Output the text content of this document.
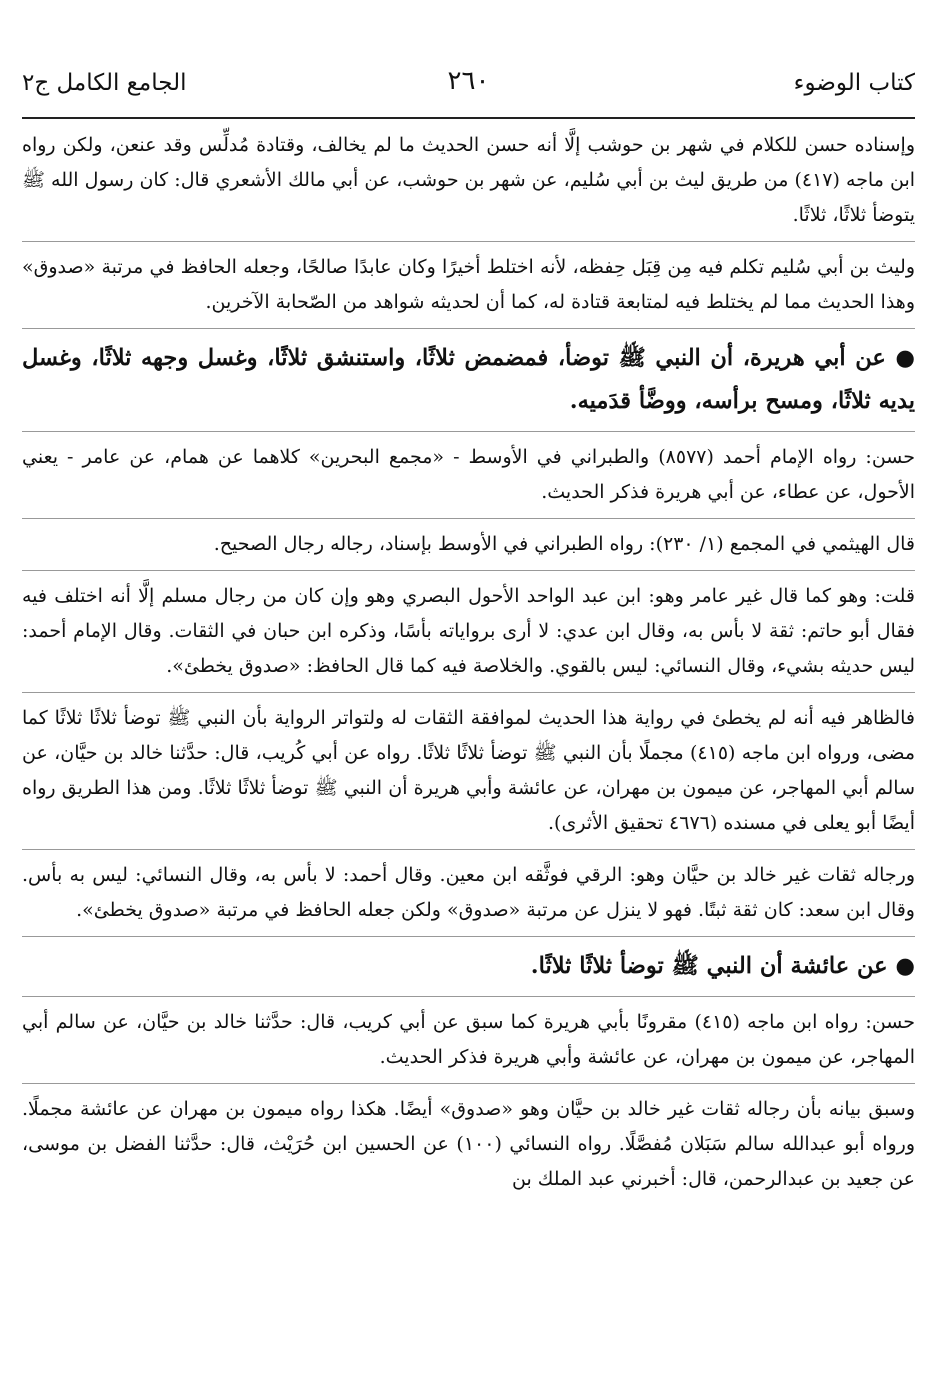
كتاب الوضوء
٢٦٠
الجامع الكامل ج٢

وإسناده حسن للكلام في شهر بن حوشب إلَّا أنه حسن الحديث ما لم يخالف، وقتادة مُدلِّس وقد عنعن، ولكن رواه ابن ماجه (٤١٧) من طريق ليث بن أبي سُليم، عن شهر بن حوشب، عن أبي مالك الأشعري قال: كان رسول الله ﷺ يتوضأ ثلاثًا، ثلاثًا.

وليث بن أبي سُليم تكلم فيه مِن قِبَل حِفظه، لأنه اختلط أخيرًا وكان عابدًا صالحًا، وجعله الحافظ في مرتبة «صدوق» وهذا الحديث مما لم يختلط فيه لمتابعة قتادة له، كما أن لحديثه شواهد من الصّحابة الآخرين.

● عن أبي هريرة، أن النبي ﷺ توضأ، فمضمض ثلاثًا، واستنشق ثلاثًا، وغسل وجهه ثلاثًا، وغسل يديه ثلاثًا، ومسح برأسه، ووضَّأ قدَميه.

حسن: رواه الإمام أحمد (٨٥٧٧) والطبراني في الأوسط - «مجمع البحرين» كلاهما عن همام، عن عامر - يعني الأحول، عن عطاء، عن أبي هريرة فذكر الحديث.

قال الهيثمي في المجمع (١/ ٢٣٠): رواه الطبراني في الأوسط بإسناد، رجاله رجال الصحيح.

قلت: وهو كما قال غير عامر وهو: ابن عبد الواحد الأحول البصري وهو وإن كان من رجال مسلم إلَّا أنه اختلف فيه فقال أبو حاتم: ثقة لا بأس به، وقال ابن عدي: لا أرى برواياته بأسًا، وذكره ابن حبان في الثقات. وقال الإمام أحمد: ليس حديثه بشيء، وقال النسائي: ليس بالقوي. والخلاصة فيه كما قال الحافظ: «صدوق يخطئ».

فالظاهر فيه أنه لم يخطئ في رواية هذا الحديث لموافقة الثقات له ولتواتر الرواية بأن النبي ﷺ توضأ ثلاثًا ثلاثًا كما مضى، ورواه ابن ماجه (٤١٥) مجملًا بأن النبي ﷺ توضأ ثلاثًا ثلاثًا. رواه عن أبي كُريب، قال: حدَّثنا خالد بن حيَّان، عن سالم أبي المهاجر، عن ميمون بن مهران، عن عائشة وأبي هريرة أن النبي ﷺ توضأ ثلاثًا ثلاثًا. ومن هذا الطريق رواه أيضًا أبو يعلى في مسنده (٤٦٧٦ تحقيق الأثرى).

ورجاله ثقات غير خالد بن حيَّان وهو: الرقي فوثَّقه ابن معين. وقال أحمد: لا بأس به، وقال النسائي: ليس به بأس. وقال ابن سعد: كان ثقة ثبتًا. فهو لا ينزل عن مرتبة «صدوق» ولكن جعله الحافظ في مرتبة «صدوق يخطئ».

● عن عائشة أن النبي ﷺ توضأ ثلاثًا ثلاثًا.

حسن: رواه ابن ماجه (٤١٥) مقرونًا بأبي هريرة كما سبق عن أبي كريب، قال: حدَّثنا خالد بن حيَّان، عن سالم أبي المهاجر، عن ميمون بن مهران، عن عائشة وأبي هريرة فذكر الحديث.

وسبق بيانه بأن رجاله ثقات غير خالد بن حيَّان وهو «صدوق» أيضًا. هكذا رواه ميمون بن مهران عن عائشة مجملًا. ورواه أبو عبدالله سالم سَبَلان مُفصَّلًا. رواه النسائي (١٠٠) عن الحسين ابن حُرَيْث، قال: حدَّثنا الفضل بن موسى، عن جعيد بن عبدالرحمن، قال: أخبرني عبد الملك بن
